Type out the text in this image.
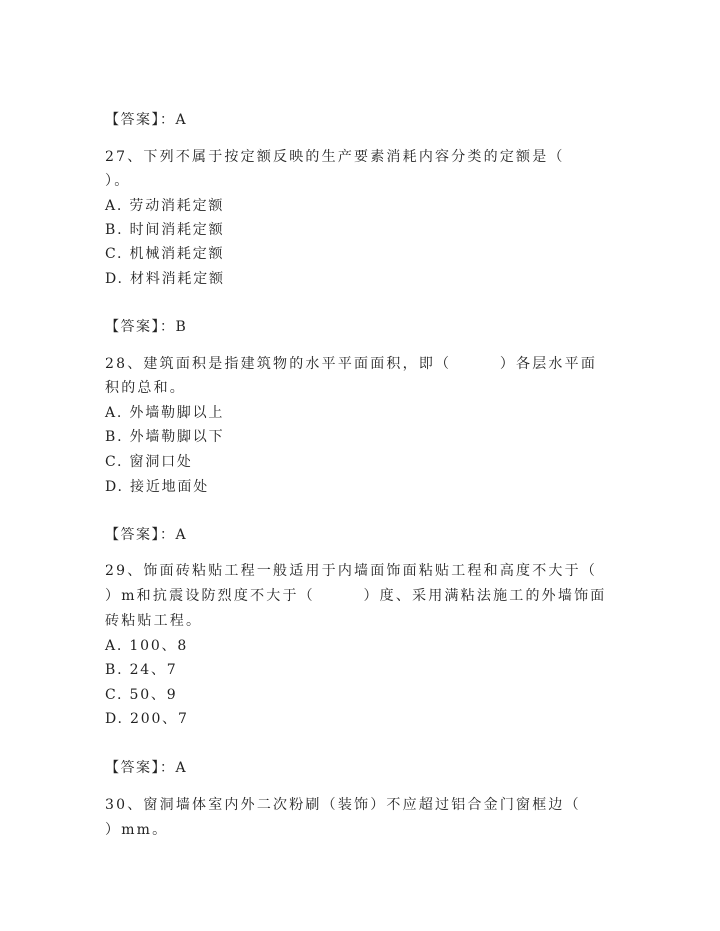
【答案】：A
27、下列不属于按定额反映的生产要素消耗内容分类的定额是（
）。
A. 劳动消耗定额
B. 时间消耗定额
C. 机械消耗定额
D. 材料消耗定额
【答案】：B
28、建筑面积是指建筑物的水平平面面积，即（　　　）各层水平面
积的总和。
A. 外墙勒脚以上
B. 外墙勒脚以下
C. 窗洞口处
D. 接近地面处
【答案】：A
29、饰面砖粘贴工程一般适用于内墙面饰面粘贴工程和高度不大于（
）m和抗震设防烈度不大于（　　　）度、采用满粘法施工的外墙饰面
砖粘贴工程。
A. 100、8
B. 24、7
C. 50、9
D. 200、7
【答案】：A
30、窗洞墙体室内外二次粉刷（装饰）不应超过铝合金门窗框边（
）mm。
